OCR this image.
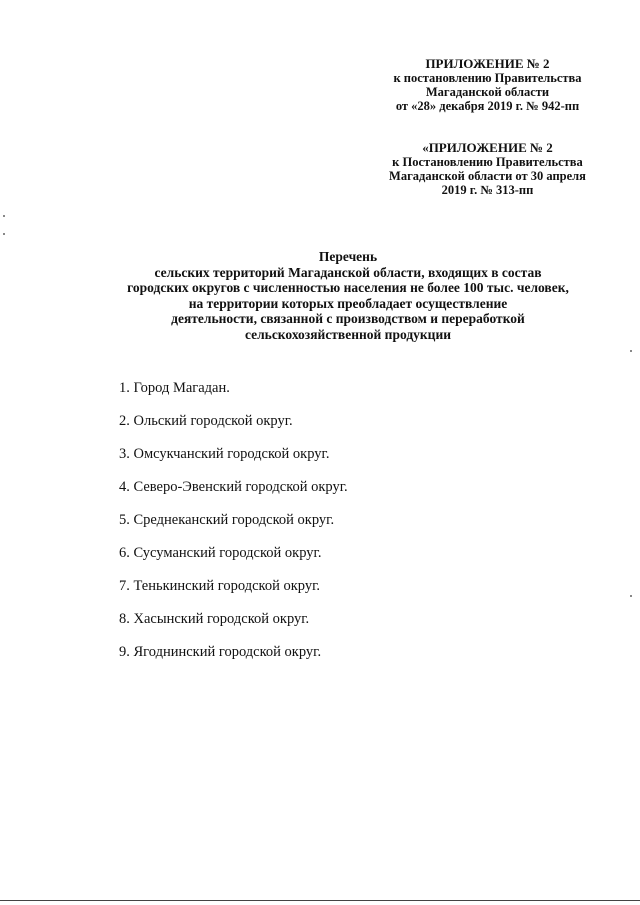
ПРИЛОЖЕНИЕ № 2
к постановлению Правительства
Магаданской области
от «28» декабря 2019 г. № 942-пп
«ПРИЛОЖЕНИЕ № 2
к Постановлению Правительства
Магаданской области от 30 апреля
2019 г. № 313-пп
Перечень
сельских территорий Магаданской области, входящих в состав
городских округов с численностью населения не более 100 тыс. человек,
на территории которых преобладает осуществление
деятельности, связанной с производством и переработкой
сельскохозяйственной продукции
1. Город Магадан.
2. Ольский городской округ.
3. Омсукчанский городской округ.
4. Северо-Эвенский городской округ.
5. Среднеканский городской округ.
6. Сусуманский городской округ.
7. Тенькинский городской округ.
8. Хасынский городской округ.
9. Ягоднинский городской округ.
